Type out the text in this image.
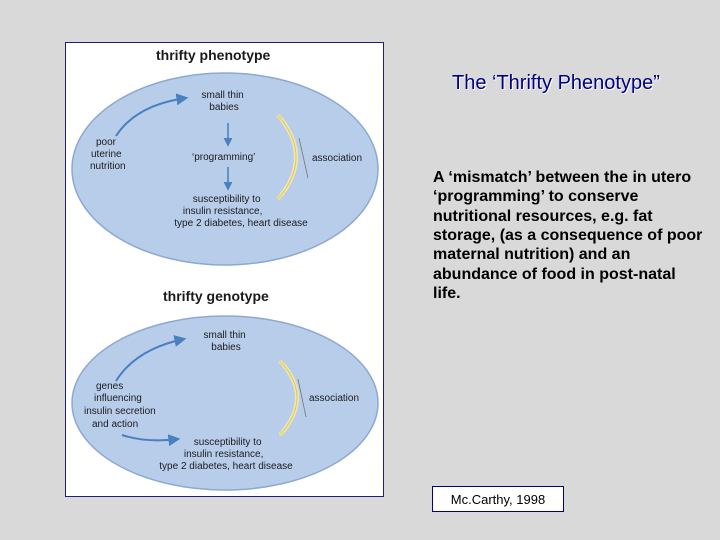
The ‘Thrifty Phenotype”
thrifty phenotype
small thin babies
poor uterine nutrition
‘programming’	association
susceptibility to insulin resistance, type 2 diabetes, heart disease
thrifty genotype
small thin babies
genes influencing insulin secretion and action
association
susceptibility to insulin resistance, type 2 diabetes, heart disease
A ‘mismatch’ between the in utero ‘programming’ to conserve nutritional resources, e.g. fat storage, (as a consequence of poor maternal nutrition) and an abundance of food in post-natal life.
Mc.Carthy, 1998
